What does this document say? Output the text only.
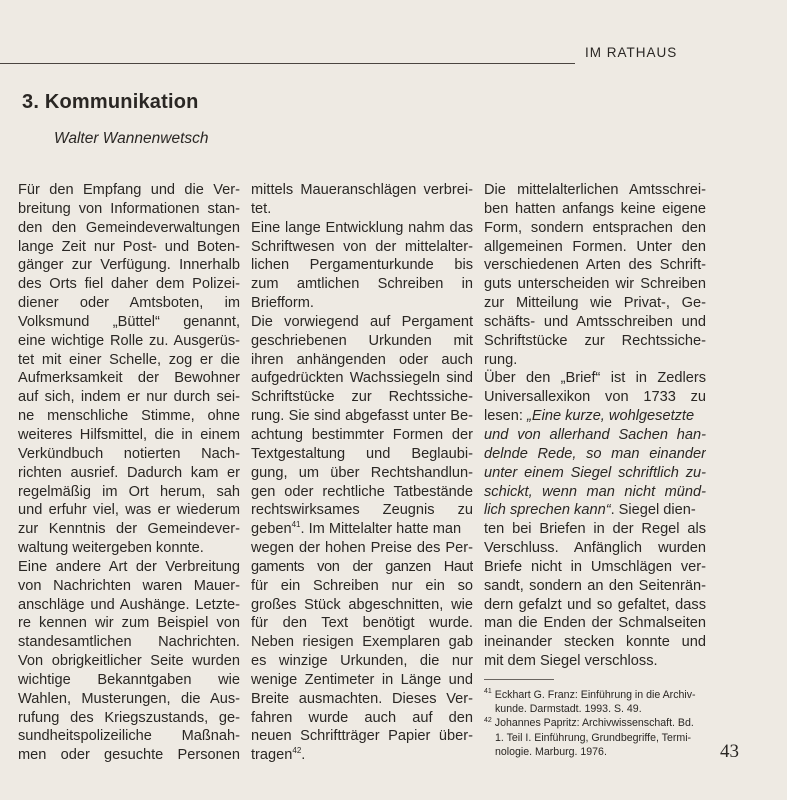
IM RATHAUS
3. Kommunikation
Walter Wannenwetsch
Für den Empfang und die Ver-
breitung von Informationen stan-
den den Gemeindeverwaltungen
lange Zeit nur Post- und Boten-
gänger zur Verfügung. Innerhalb
des Orts fiel daher dem Polizei-
diener oder Amtsboten, im
Volksmund „Büttel“ genannt,
eine wichtige Rolle zu. Ausgerüs-
tet mit einer Schelle, zog er die
Aufmerksamkeit der Bewohner
auf sich, indem er nur durch sei-
ne menschliche Stimme, ohne
weiteres Hilfsmittel, die in einem
Verkündbuch notierten Nach-
richten ausrief. Dadurch kam er
regelmäßig im Ort herum, sah
und erfuhr viel, was er wiederum
zur Kenntnis der Gemeindever-
waltung weitergeben konnte.
Eine andere Art der Verbreitung
von Nachrichten waren Mauer-
anschläge und Aushänge. Letzte-
re kennen wir zum Beispiel von
standesamtlichen Nachrichten.
Von obrigkeitlicher Seite wurden
wichtige Bekanntgaben wie
Wahlen, Musterungen, die Aus-
rufung des Kriegszustands, ge-
sundheitspolizeiliche Maßnah-
men oder gesuchte Personen
mittels Maueranschlägen verbrei-
tet.
Eine lange Entwicklung nahm das
Schriftwesen von der mittelalter-
lichen Pergamenturkunde bis
zum amtlichen Schreiben in
Briefform.
Die vorwiegend auf Pergament
geschriebenen Urkunden mit
ihren anhängenden oder auch
aufgedrückten Wachssiegeln sind
Schriftstücke zur Rechtssiche-
rung. Sie sind abgefasst unter Be-
achtung bestimmter Formen der
Textgestaltung und Beglaubi-
gung, um über Rechtshandlun-
gen oder rechtliche Tatbestände
rechtswirksames Zeugnis zu
geben$^{41}$. Im Mittelalter hatte man
wegen der hohen Preise des Per-
gaments von der ganzen Haut
für ein Schreiben nur ein so
großes Stück abgeschnitten, wie
für den Text benötigt wurde.
Neben riesigen Exemplaren gab
es winzige Urkunden, die nur
wenige Zentimeter in Länge und
Breite ausmachten. Dieses Ver-
fahren wurde auch auf den
neuen Schriftträger Papier über-
tragen$^{42}$.
Die mittelalterlichen Amtsschrei-
ben hatten anfangs keine eigene
Form, sondern entsprachen den
allgemeinen Formen. Unter den
verschiedenen Arten des Schrift-
guts unterscheiden wir Schreiben
zur Mitteilung wie Privat-, Ge-
schäfts- und Amtsschreiben und
Schriftstücke zur Rechtssiche-
rung.
Über den „Brief“ ist in Zedlers
Universallexikon von 1733 zu
lesen: „Eine kurze, wohlgesetzte
und von allerhand Sachen han-
delnde Rede, so man einander
unter einem Siegel schriftlich zu-
schickt, wenn man nicht münd-
lich sprechen kann“. Siegel dien-
ten bei Briefen in der Regel als
Verschluss. Anfänglich wurden
Briefe nicht in Umschlägen ver-
sandt, sondern an den Seitenrän-
dern gefalzt und so gefaltet, dass
man die Enden der Schmalseiten
ineinander stecken konnte und
mit dem Siegel verschloss.
$^{41}$ Eckhart G. Franz: Einführung in die Archiv-
kunde. Darmstadt. 1993. S. 49.
$^{42}$ Johannes Papritz: Archivwissenschaft. Bd.
1. Teil I. Einführung, Grundbegriffe, Termi-
nologie. Marburg. 1976.	43
